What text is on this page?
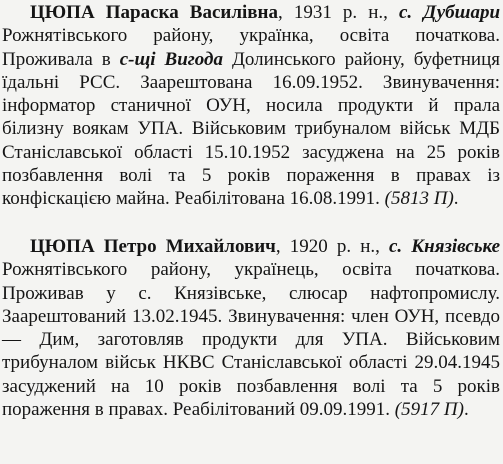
ЦЮПА Параска Василівна, 1931 р. н., с. Дубшари Рожнятівського району, українка, освіта початкова. Проживала в с-щі Вигода Долинського району, буфетниця їдальні РСС. Заарештована 16.09.1952. Звинувачення: інформатор станичної ОУН, носила продукти й прала білизну воякам УПА. Військовим трибуналом військ МДБ Станіславської області 15.10.1952 засуджена на 25 років позбавлення волі та 5 років пораження в правах із конфіскацією майна. Реабілітована 16.08.1991. (5813 П).

ЦЮПА Петро Михайлович, 1920 р. н., с. Князівське Рожнятівського району, українець, освіта початкова. Проживав у с. Князівське, слюсар нафтопромислу. Заарештований 13.02.1945. Звинувачення: член ОУН, псевдо — Дим, заготовляв продукти для УПА. Військовим трибуналом військ НКВС Станіславської області 29.04.1945 засуджений на 10 років позбавлення волі та 5 років пораження в правах. Реабілітований 09.09.1991. (5917 П).
